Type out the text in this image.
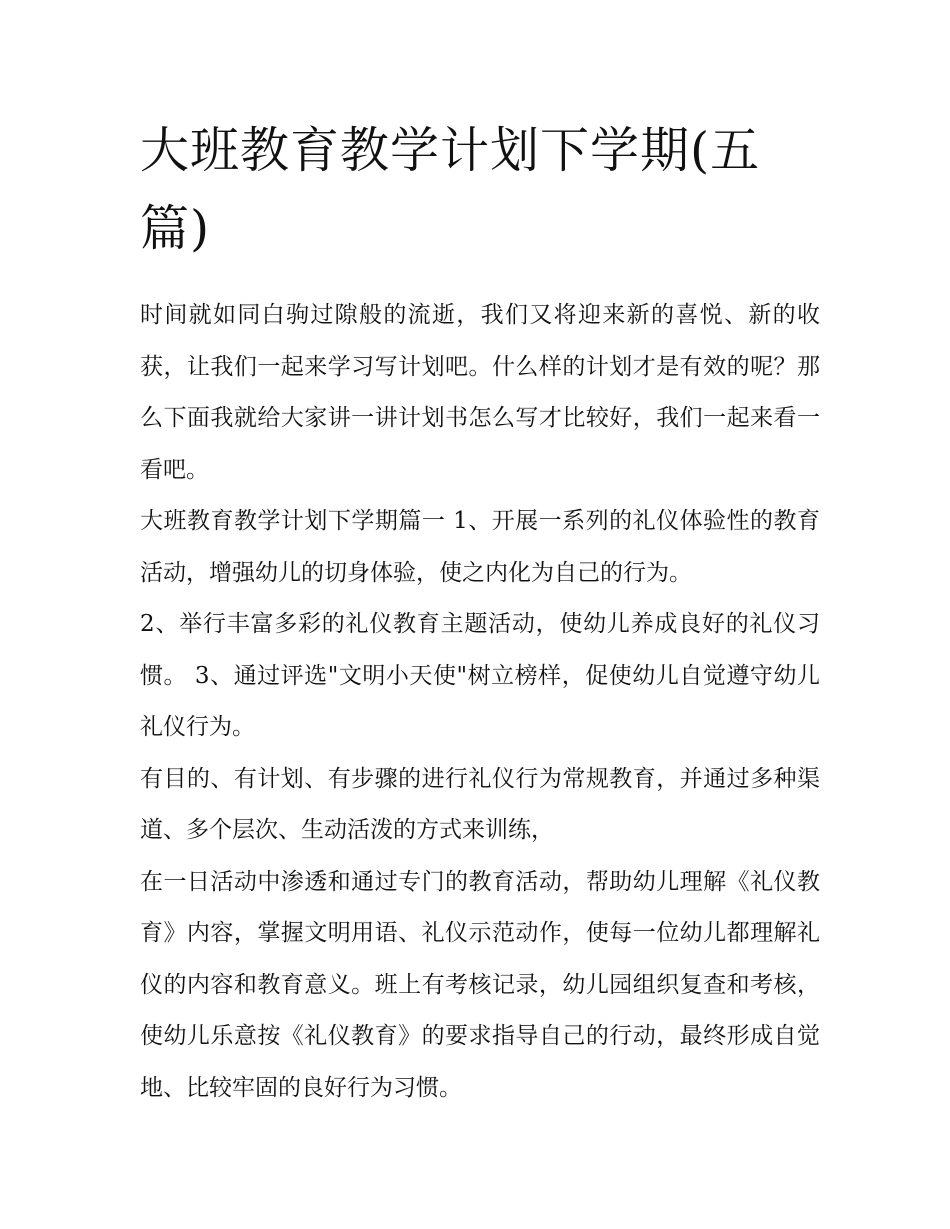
大班教育教学计划下学期(五篇)

时间就如同白驹过隙般的流逝，我们又将迎来新的喜悦、新的收获，让我们一起来学习写计划吧。什么样的计划才是有效的呢？那么下面我就给大家讲一讲计划书怎么写才比较好，我们一起来看一看吧。

大班教育教学计划下学期篇一 1、开展一系列的礼仪体验性的教育活动，增强幼儿的切身体验，使之内化为自己的行为。

2、举行丰富多彩的礼仪教育主题活动，使幼儿养成良好的礼仪习惯。 3、通过评选"文明小天使"树立榜样，促使幼儿自觉遵守幼儿礼仪行为。

有目的、有计划、有步骤的进行礼仪行为常规教育，并通过多种渠道、多个层次、生动活泼的方式来训练，

在一日活动中渗透和通过专门的教育活动，帮助幼儿理解《礼仪教育》内容，掌握文明用语、礼仪示范动作，使每一位幼儿都理解礼仪的内容和教育意义。班上有考核记录，幼儿园组织复查和考核，使幼儿乐意按《礼仪教育》的要求指导自己的行动，最终形成自觉地、比较牢固的良好行为习惯。
